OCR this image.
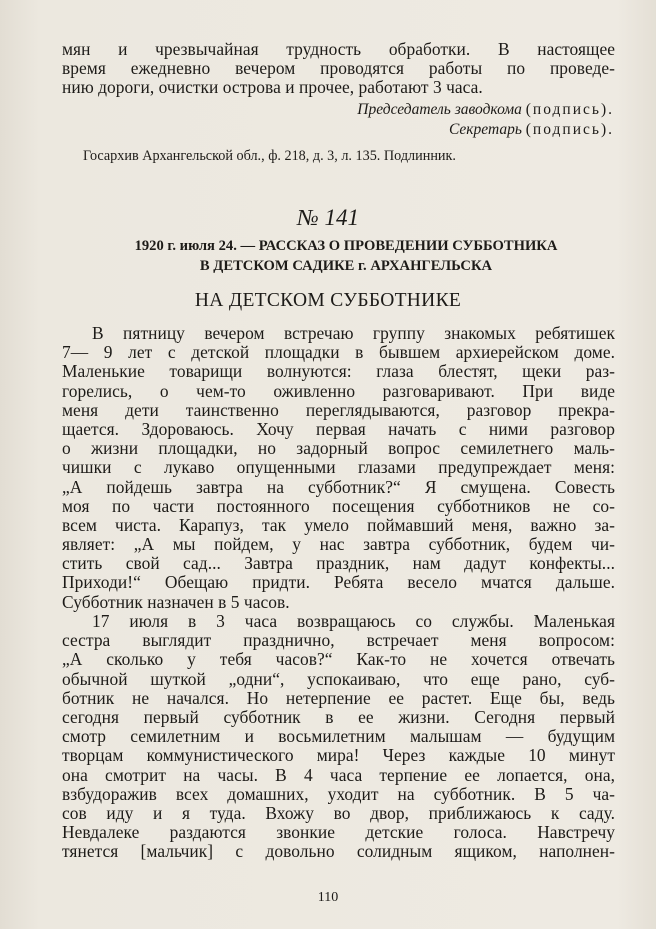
мян и чрезвычайная трудность обработки. В настоящее
время ежедневно вечером проводятся работы по проведе-
нию дороги, очистки острова и прочее, работают 3 часа.
Председатель заводкома (подпись).
Секретарь (подпись).
Госархив Архангельской обл., ф. 218, д. 3, л. 135. Подлинник.
№ 141
1920 г. июля 24. — РАССКАЗ О ПРОВЕДЕНИИ СУББОТНИКА
В ДЕТСКОМ САДИКЕ г. АРХАНГЕЛЬСКА
НА ДЕТСКОМ СУББОТНИКЕ
В пятницу вечером встречаю группу знакомых ребятишек
7— 9 лет с детской площадки в бывшем архиерейском доме.
Маленькие товарищи волнуются: глаза блестят, щеки раз-
горелись, о чем-то оживленно разговаривают. При виде
меня дети таинственно переглядываются, разговор прекра-
щается. Здороваюсь. Хочу первая начать с ними разговор
о жизни площадки, но задорный вопрос семилетнего маль-
чишки с лукаво опущенными глазами предупреждает меня:
„А пойдешь завтра на субботник?“ Я смущена. Совесть
моя по части постоянного посещения субботников не со-
всем чиста. Карапуз, так умело поймавший меня, важно за-
являет: „А мы пойдем, у нас завтра субботник, будем чи-
стить свой сад... Завтра праздник, нам дадут конфекты...
Приходи!“ Обещаю придти. Ребята весело мчатся дальше.
Субботник назначен в 5 часов.
17 июля в 3 часа возвращаюсь со службы. Маленькая
сестра выглядит празднично, встречает меня вопросом:
„А сколько у тебя часов?“ Как-то не хочется отвечать
обычной шуткой „одни“, успокаиваю, что еще рано, суб-
ботник не начался. Но нетерпение ее растет. Еще бы, ведь
сегодня первый субботник в ее жизни. Сегодня первый
смотр семилетним и восьмилетним малышам — будущим
творцам коммунистического мира! Через каждые 10 минут
она смотрит на часы. В 4 часа терпение ее лопается, она,
взбудоражив всех домашних, уходит на субботник. В 5 ча-
сов иду и я туда. Вхожу во двор, приближаюсь к саду.
Невдалеке раздаются звонкие детские голоса. Навстречу
тянется [мальчик] с довольно солидным ящиком, наполнен-
110
